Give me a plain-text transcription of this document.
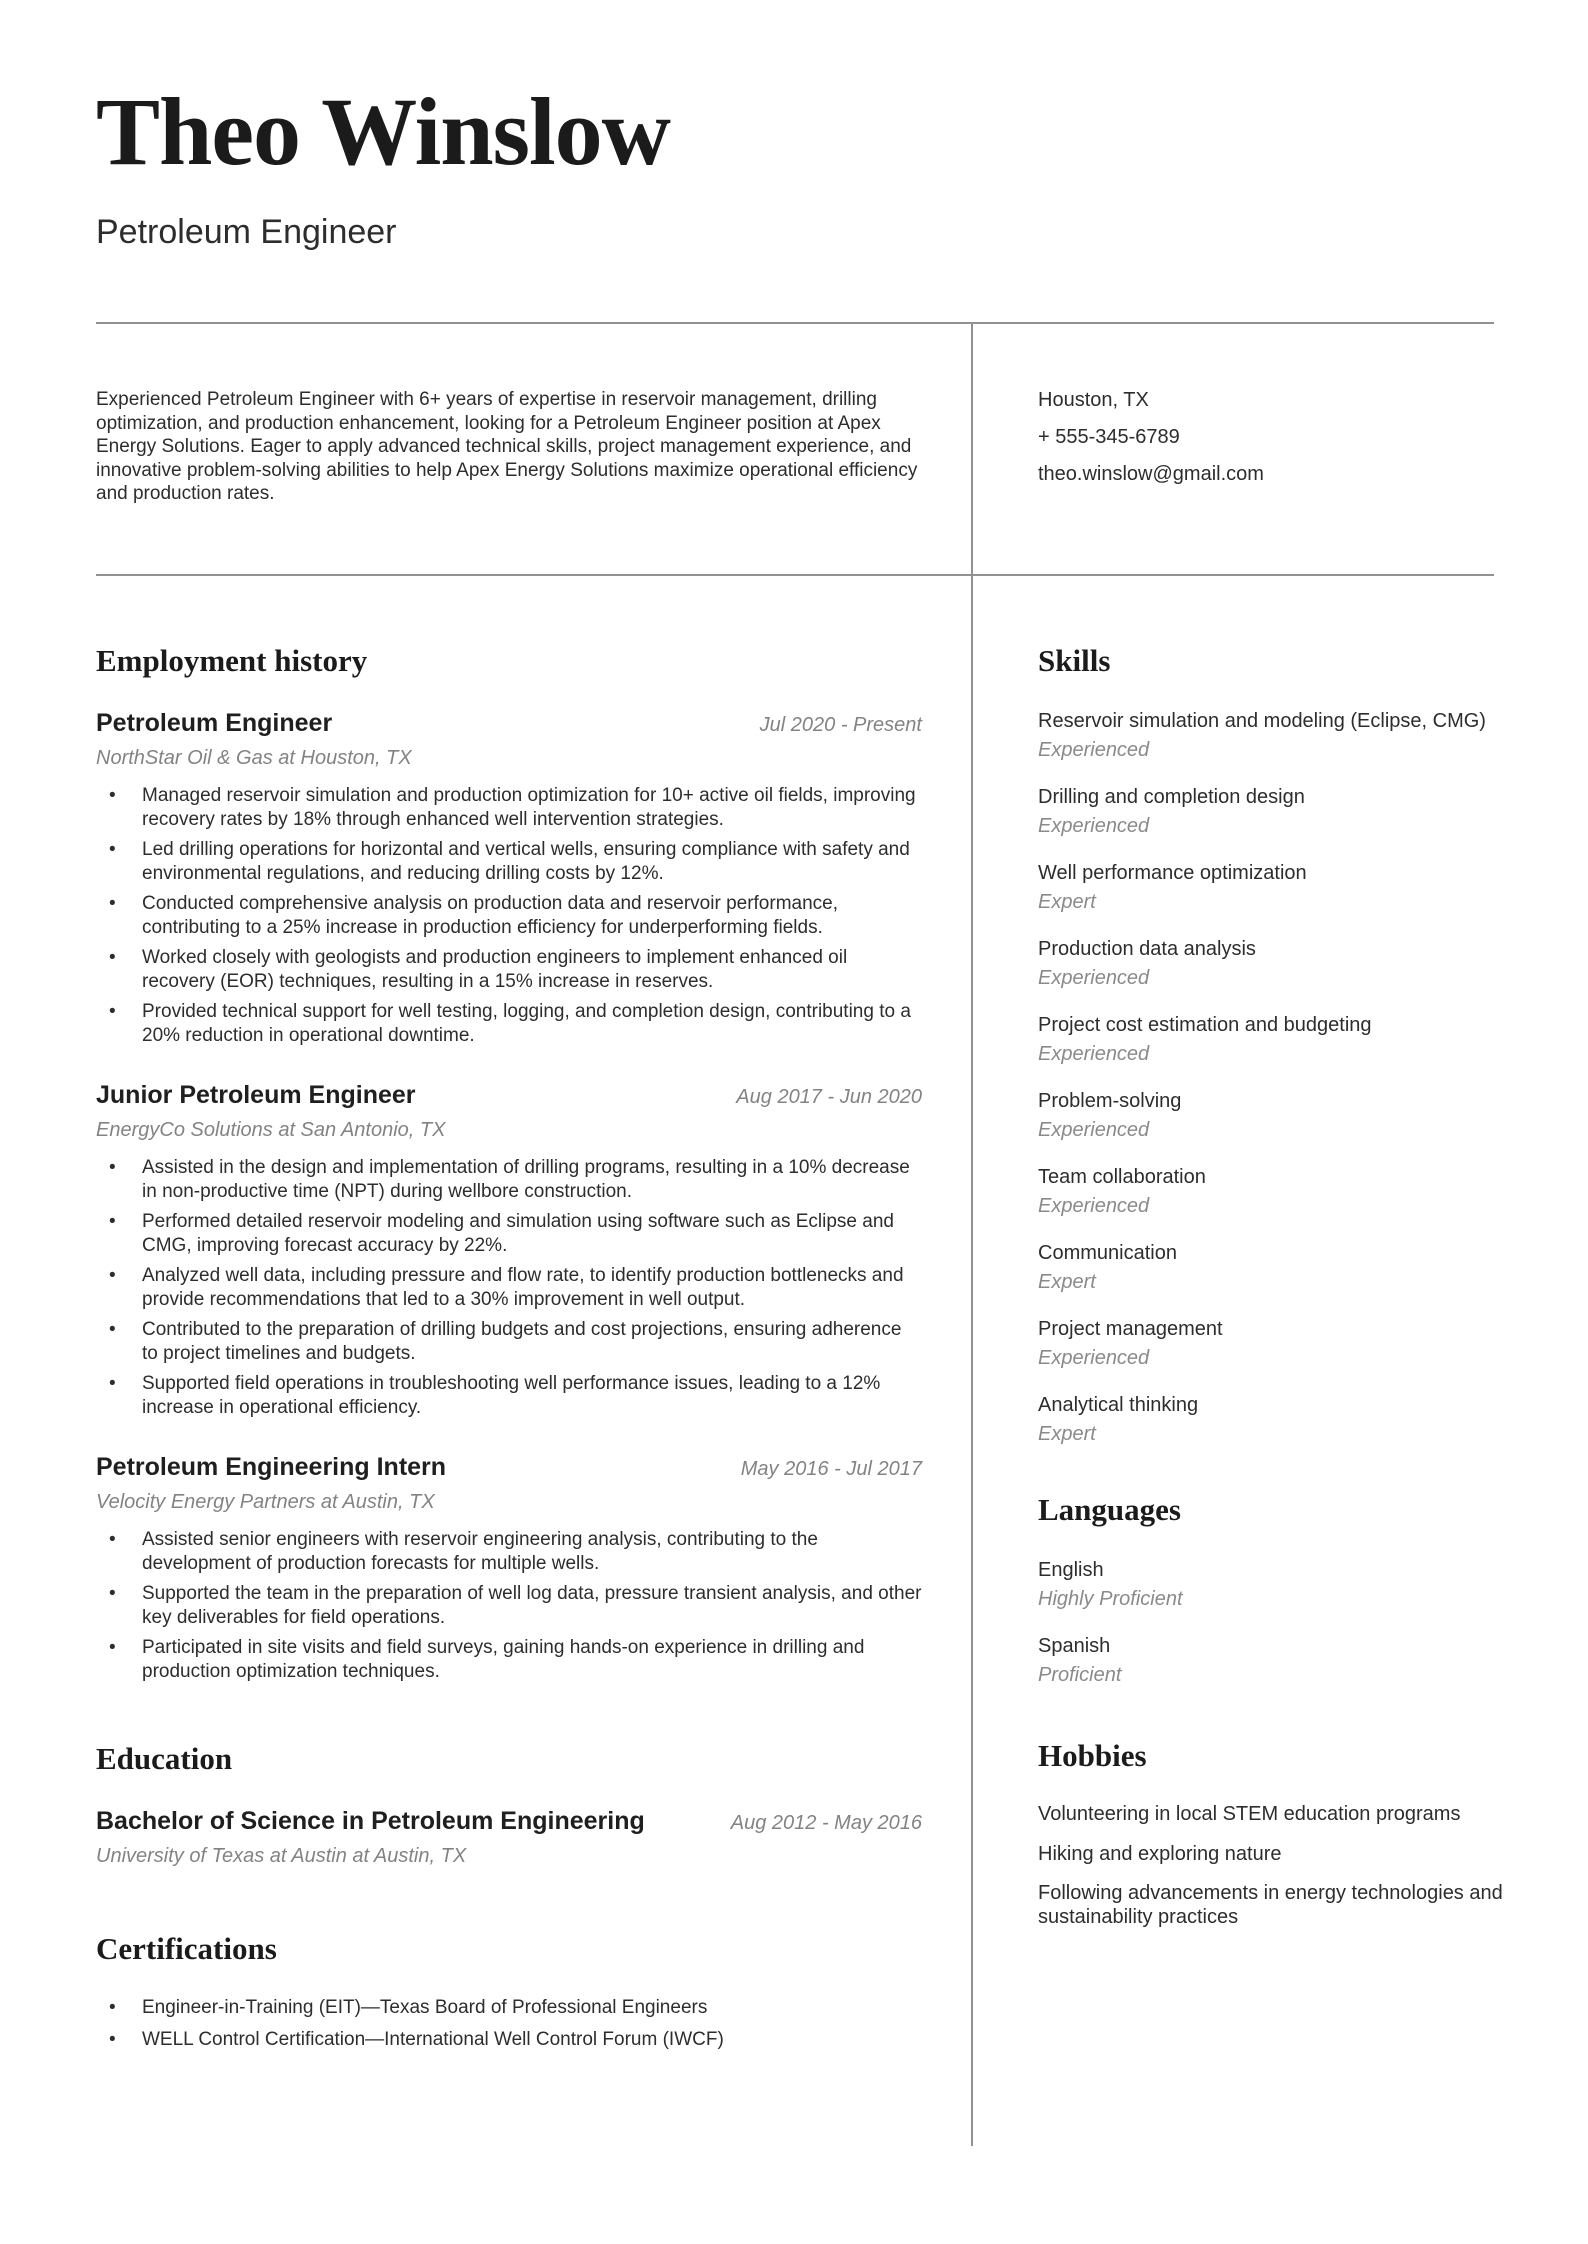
Theo Winslow
Petroleum Engineer

Experienced Petroleum Engineer with 6+ years of expertise in reservoir management, drilling optimization, and production enhancement, looking for a Petroleum Engineer position at Apex Energy Solutions. Eager to apply advanced technical skills, project management experience, and innovative problem-solving abilities to help Apex Energy Solutions maximize operational efficiency and production rates.

Houston, TX

+ 555-345-6789

theo.winslow@gmail.com

Employment history
Petroleum Engineer	Jul 2020 - Present

NorthStar Oil & Gas at Houston, TX

• Managed reservoir simulation and production optimization for 10+ active oil fields, improving recovery rates by 18% through enhanced well intervention strategies.
• Led drilling operations for horizontal and vertical wells, ensuring compliance with safety and environmental regulations, and reducing drilling costs by 12%.
• Conducted comprehensive analysis on production data and reservoir performance, contributing to a 25% increase in production efficiency for underperforming fields.
• Worked closely with geologists and production engineers to implement enhanced oil recovery (EOR) techniques, resulting in a 15% increase in reserves.
• Provided technical support for well testing, logging, and completion design, contributing to a 20% reduction in operational downtime.
Junior Petroleum Engineer	Aug 2017 - Jun 2020

EnergyCo Solutions at San Antonio, TX

• Assisted in the design and implementation of drilling programs, resulting in a 10% decrease in non-productive time (NPT) during wellbore construction.
• Performed detailed reservoir modeling and simulation using software such as Eclipse and CMG, improving forecast accuracy by 22%.
• Analyzed well data, including pressure and flow rate, to identify production bottlenecks and provide recommendations that led to a 30% improvement in well output.
• Contributed to the preparation of drilling budgets and cost projections, ensuring adherence to project timelines and budgets.
• Supported field operations in troubleshooting well performance issues, leading to a 12% increase in operational efficiency.
Petroleum Engineering Intern	May 2016 - Jul 2017

Velocity Energy Partners at Austin, TX

• Assisted senior engineers with reservoir engineering analysis, contributing to the development of production forecasts for multiple wells.
• Supported the team in the preparation of well log data, pressure transient analysis, and other key deliverables for field operations.
• Participated in site visits and field surveys, gaining hands-on experience in drilling and production optimization techniques.
Education
Bachelor of Science in Petroleum Engineering	Aug 2012 - May 2016

University of Texas at Austin at Austin, TX

Certifications
• Engineer-in-Training (EIT)—Texas Board of Professional Engineers
• WELL Control Certification—International Well Control Forum (IWCF)
Skills
Reservoir simulation and modeling (Eclipse, CMG)
Experienced
Drilling and completion design
Experienced
Well performance optimization
Expert
Production data analysis
Experienced
Project cost estimation and budgeting
Experienced
Problem-solving
Experienced
Team collaboration
Experienced
Communication
Expert
Project management
Experienced
Analytical thinking
Expert
Languages
English
Highly Proficient
Spanish
Proficient
Hobbies

Volunteering in local STEM education programs

Hiking and exploring nature

Following advancements in energy technologies and sustainability practices
